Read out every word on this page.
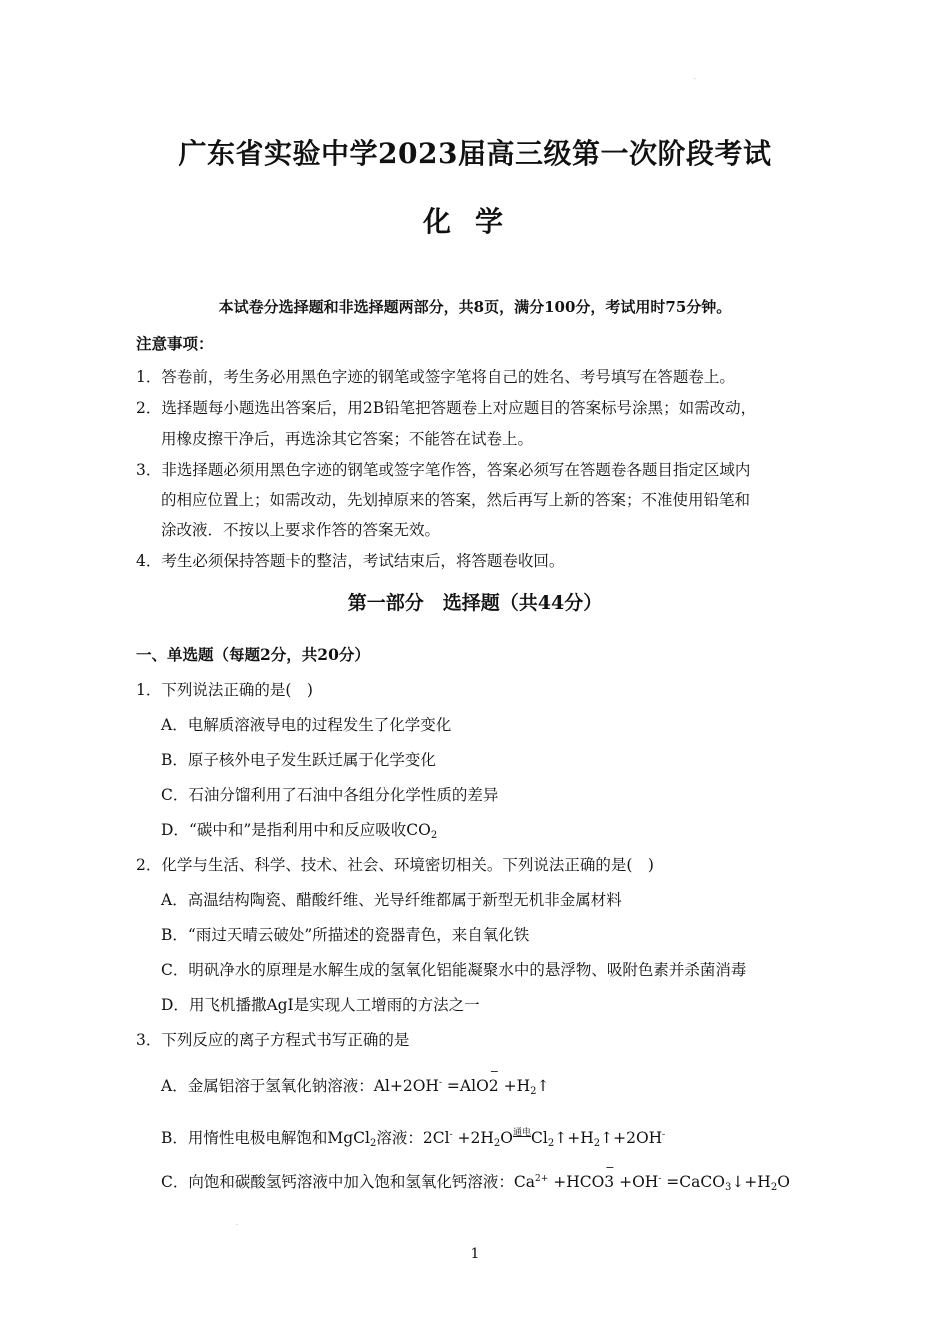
·
广东省实验中学2023届高三级第一次阶段考试
化学
本试卷分选择题和非选择题两部分，共8页，满分100分，考试用时75分钟。
注意事项：
1．答卷前，考生务必用黑色字迹的钢笔或签字笔将自己的姓名、考号填写在答题卷上。
2．选择题每小题选出答案后，用2B铅笔把答题卷上对应题目的答案标号涂黑；如需改动，
用橡皮擦干净后，再选涂其它答案；不能答在试卷上。
3．非选择题必须用黑色字迹的钢笔或签字笔作答，答案必须写在答题卷各题目指定区域内
的相应位置上；如需改动，先划掉原来的答案，然后再写上新的答案；不准使用铅笔和
涂改液．不按以上要求作答的答案无效。
4．考生必须保持答题卡的整洁，考试结束后，将答题卷收回。
第一部分　选择题（共44分）
一、单选题（每题2分，共20分）
1．下列说法正确的是(　)
A．电解质溶液导电的过程发生了化学变化
B．原子核外电子发生跃迁属于化学变化
C．石油分馏利用了石油中各组分化学性质的差异
D．“碳中和”是指利用中和反应吸收$CO_2$
2．化学与生活、科学、技术、社会、环境密切相关。下列说法正确的是(　)
A．高温结构陶瓷、醋酸纤维、光导纤维都属于新型无机非金属材料
B．“雨过天晴云破处”所描述的瓷器青色，来自氧化铁
C．明矾净水的原理是水解生成的氢氧化铝能凝聚水中的悬浮物、吸附色素并杀菌消毒
D．用飞机播撒AgI是实现人工增雨的方法之一
3．下列反应的离子方程式书写正确的是
A．金属铝溶于氢氧化钠溶液：Al+2OH- =AlO
−
$2 +H_2↑$
B．用惰性电极电解饱和MgCl$_2$溶液：$2Cl^- +2H_2O$通电$Cl_2↑+H_2↑+2OH^-$
C．向饱和碳酸氢钙溶液中加入饱和氢氧化钙溶液：$Ca^{2+} +HCO$
−
$3 +OH^- =CaCO_3↓+H_2O$
·
1
